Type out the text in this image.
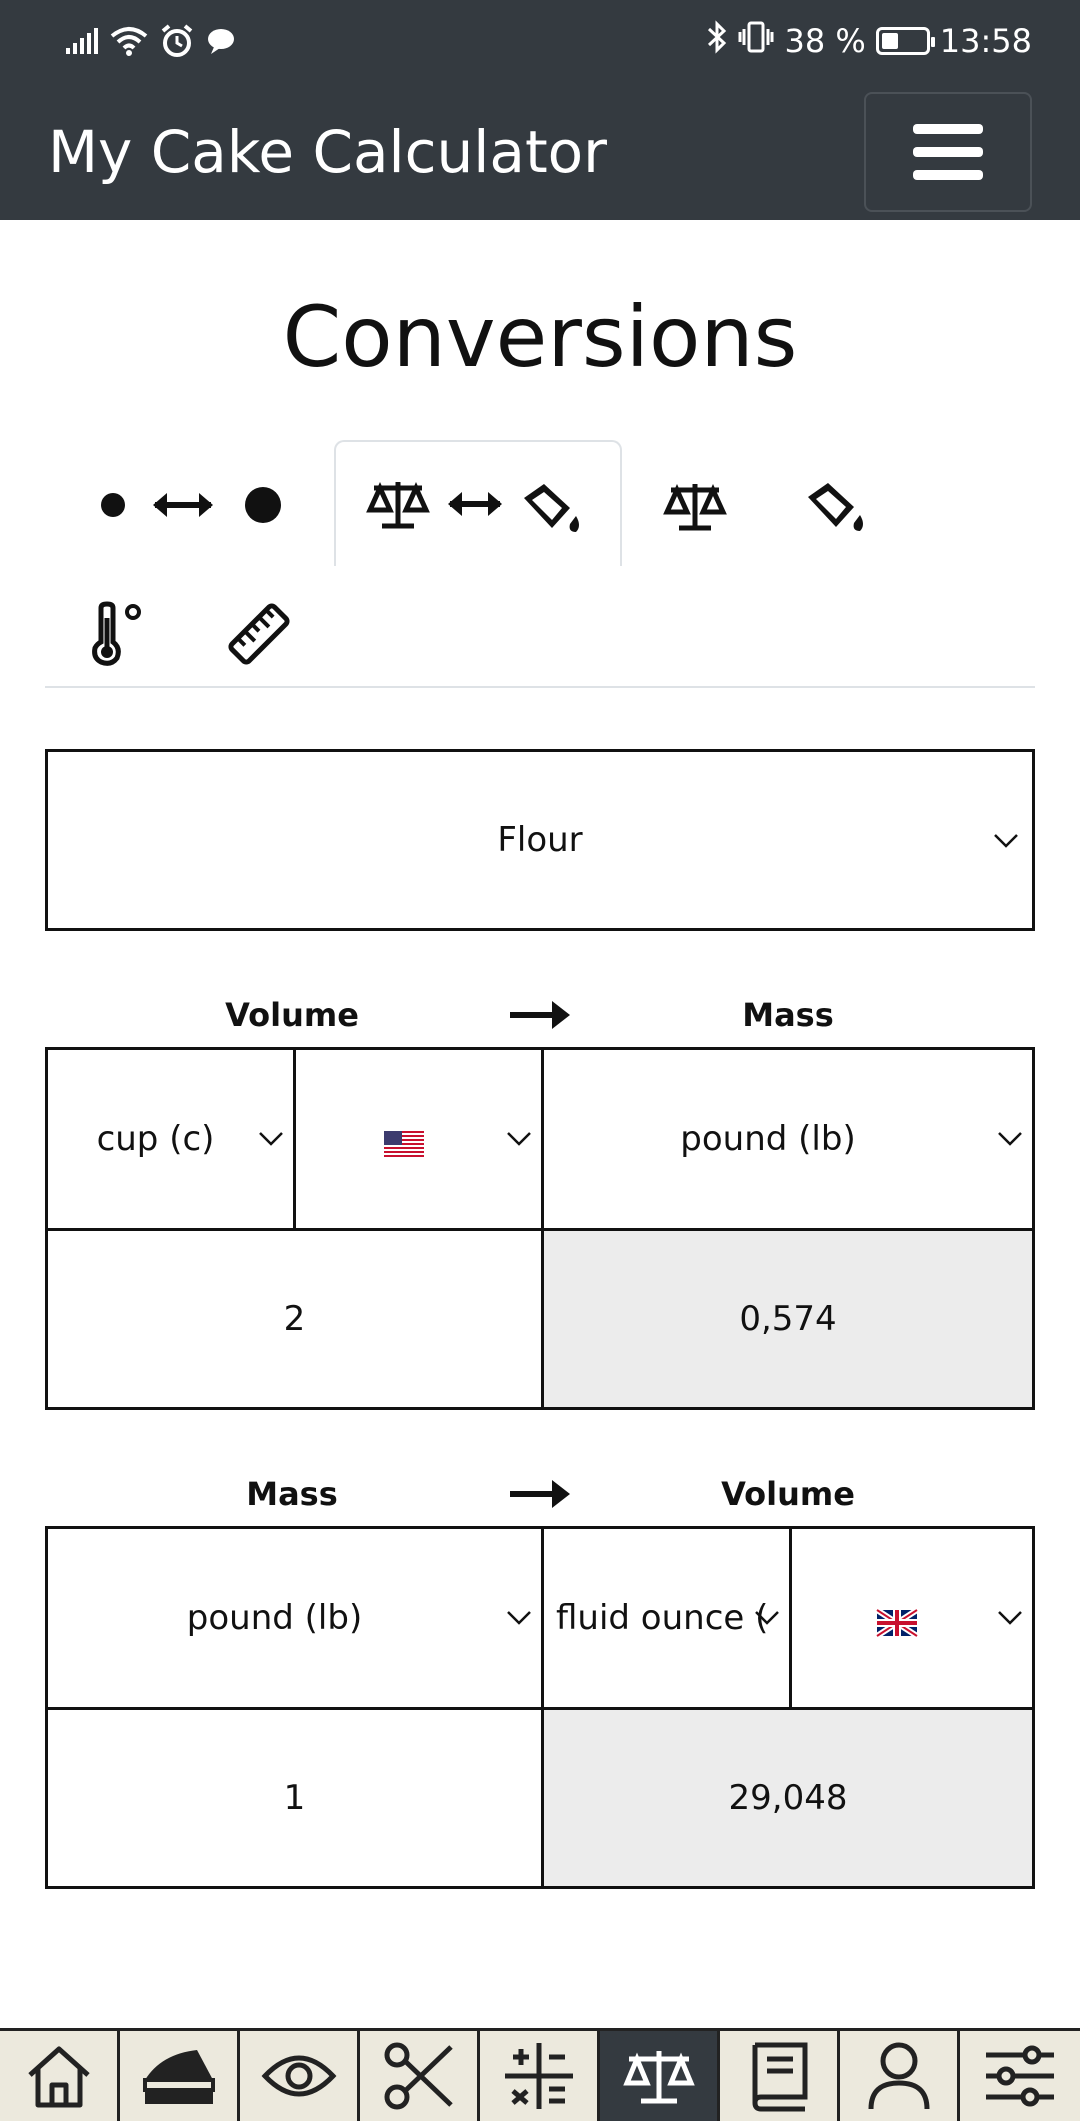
38 % 13:58
My Cake Calculator
Conversions
Flour
Volume	Mass
cup (c)	pound (lb)
2	0,574
Mass	Volume
pound (lb)	fluid ounce (
1	29,048
